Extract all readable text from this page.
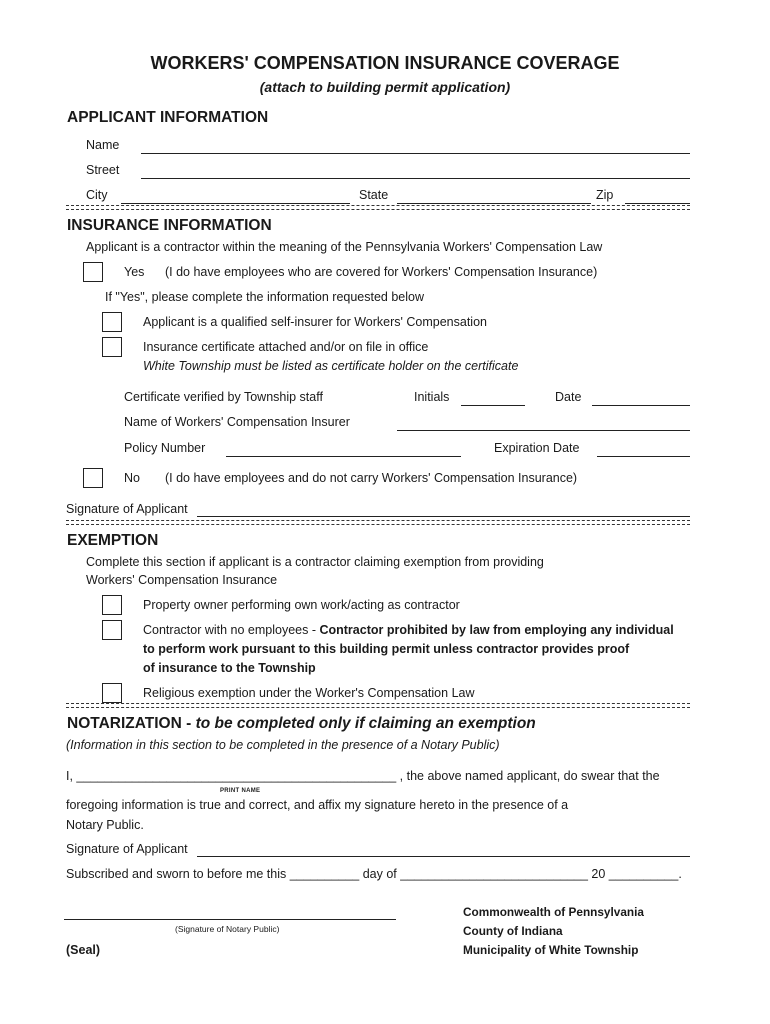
WORKERS' COMPENSATION INSURANCE COVERAGE
(attach to building permit application)
APPLICANT INFORMATION
Name
Street
City	State	Zip
INSURANCE INFORMATION
Applicant is a contractor within the meaning of the Pennsylvania Workers' Compensation Law
Yes (I do have employees who are covered for Workers' Compensation Insurance)
If "Yes", please complete the information requested below
Applicant is a qualified self-insurer for Workers' Compensation
Insurance certificate attached and/or on file in office
White Township must be listed as certificate holder on the certificate
Certificate verified by Township staff	Initials	Date
Name of Workers' Compensation Insurer
Policy Number	Expiration Date
No (I do have employees and do not carry Workers' Compensation Insurance)
Signature of Applicant
EXEMPTION
Complete this section if applicant is a contractor claiming exemption from providing
Workers' Compensation Insurance
Property owner performing own work/acting as contractor
Contractor with no employees - Contractor prohibited by law from employing any individual
to perform work pursuant to this building permit unless contractor provides proof
of insurance to the Township
Religious exemption under the Worker's Compensation Law
NOTARIZATION - to be completed only if claiming an exemption
(Information in this section to be completed in the presence of a Notary Public)
I, ______________________________________________ , the above named applicant, do swear that the
PRINT NAME
foregoing information is true and correct, and affix my signature hereto in the presence of a
Notary Public.
Signature of Applicant
Subscribed and sworn to before me this __________ day of ___________________________ 20 __________.
(Signature of Notary Public)
(Seal)
Commonwealth of Pennsylvania
County of Indiana
Municipality of White Township
